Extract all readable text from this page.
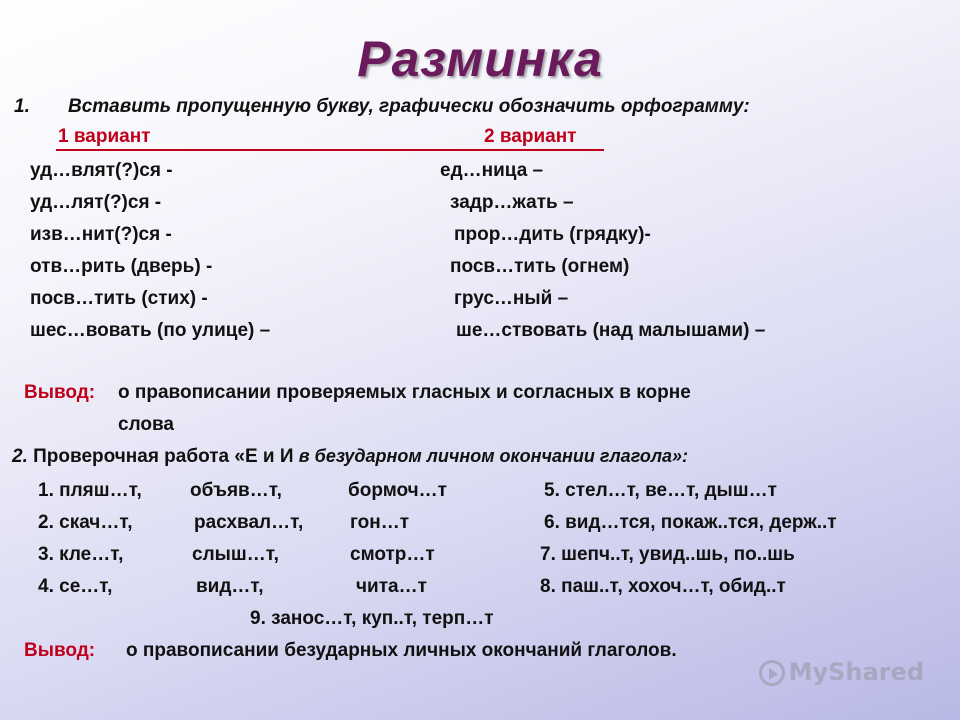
Разминка
1. Вставить пропущенную букву, графически обозначить орфограмму:
1 вариант	2 вариант
уд…влят(?)ся -	ед…ница –
уд…лят(?)ся -	задр…жать –
изв…нит(?)ся -	прор…дить (грядку)-
отв…рить (дверь) -	посв…тить (огнем)
посв…тить (стих) -	грус…ный –
шес…вовать (по улице) –	ше…ствовать (над малышами) –
Вывод: о правописании проверяемых гласных и согласных в корне
слова
2. Проверочная работа «Е и И в безударном личном окончании глагола»:
1. пляш…т,	объяв…т,	бормоч…т	5. стел…т, ве…т, дыш…т
2. скач…т,	расхвал…т, гон…т	6. вид…тся, покаж..тся, держ..т
3. кле…т,	слыш…т,	смотр…т	7. шепч..т, увид..шь, по..шь
4. се…т,	вид…т,	чита…т	8. паш..т, хохоч…т, обид..т
9. занос…т, куп..т, терп…т
Вывод: о правописании безударных личных окончаний глаголов.
MyShared
